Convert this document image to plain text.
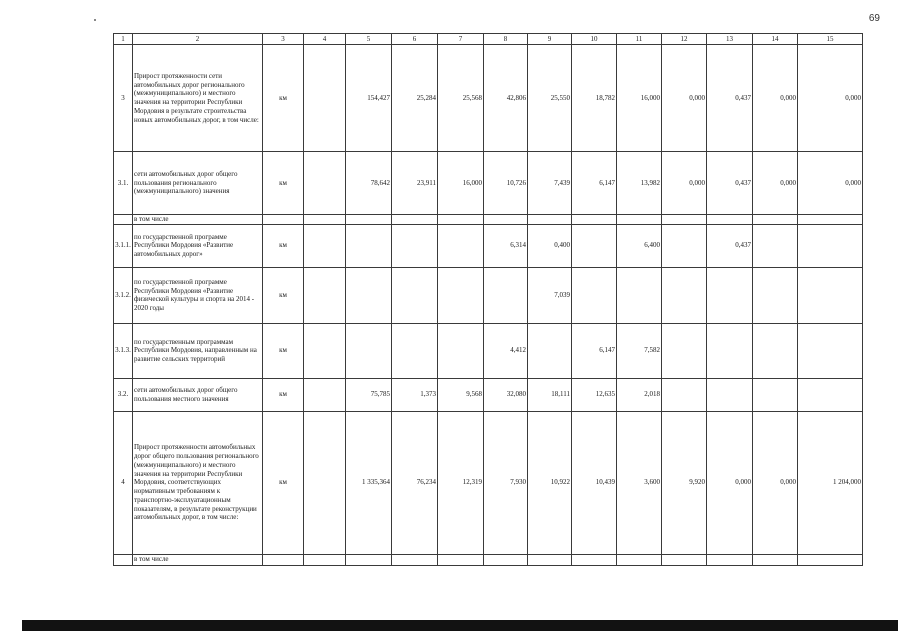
69
1	2	3	4	5	6	7	8	9	10	11	12	13	14	15
3	Прирост протяженности сети автомобильных дорог регионального (межмуниципального) и местного значения на территории Республики Мордовия в результате строительства новых автомобильных дорог, в том числе:	км		154,427	25,284	25,568	42,806	25,550	18,782	16,000	0,000	0,437	0,000	0,000
3.1.	сети автомобильных дорог общего пользования регионального (межмуниципального) значения	км		78,642	23,911	16,000	10,726	7,439	6,147	13,982	0,000	0,437	0,000	0,000
	в том числе													
3.1.1.	по государственной программе Республики Мордовия «Развитие автомобильных дорог»	км					6,314	0,400		6,400		0,437		
3.1.2.	по государственной программе Республики Мордовия «Развитие физической культуры и спорта на 2014 - 2020 годы	км						7,039						
3.1.3.	по государственным программам Республики Мордовия, направленным на развитие сельских территорий	км					4,412		6,147	7,582				
3.2.	сети автомобильных дорог общего пользования местного значения	км		75,785	1,373	9,568	32,080	18,111	12,635	2,018				
4	Прирост протяженности автомобильных дорог общего пользования регионального (межмуниципального) и местного значения на территории Республики Мордовия, соответствующих нормативным требованиям к транспортно-эксплуатационным показателям, в результате реконструкции автомобильных дорог, в том числе:	км		1 335,364	76,234	12,319	7,930	10,922	10,439	3,600	9,920	0,000	0,000	1 204,000
	в том числе													
